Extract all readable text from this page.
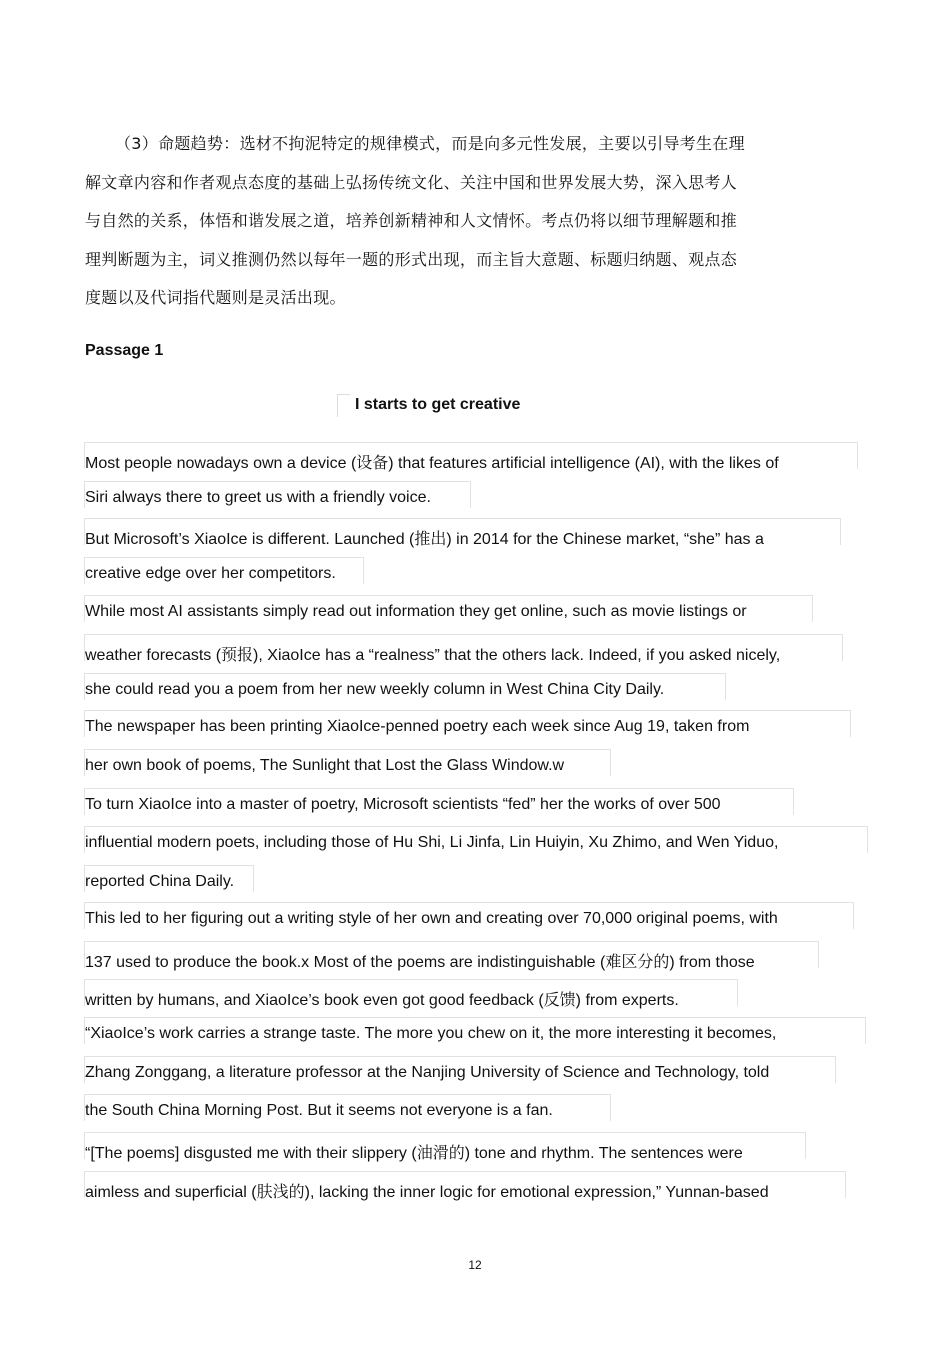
（3）命题趋势：选材不拘泥特定的规律模式，而是向多元性发展，主要以引导考生在理
解文章内容和作者观点态度的基础上弘扬传统文化、关注中国和世界发展大势，深入思考人
与自然的关系，体悟和谐发展之道，培养创新精神和人文情怀。考点仍将以细节理解题和推
理判断题为主，词义推测仍然以每年一题的形式出现，而主旨大意题、标题归纳题、观点态
度题以及代词指代题则是灵活出现。
Passage 1
I starts to get creative
Most people nowadays own a device (设备) that features artificial intelligence (AI), with the likes of
Siri always there to greet us with a friendly voice.
But Microsoft’s XiaoIce is different. Launched (推出) in 2014 for the Chinese market, “she” has a
creative edge over her competitors.
While most AI assistants simply read out information they get online, such as movie listings or
weather forecasts (预报), XiaoIce has a “realness” that the others lack. Indeed, if you asked nicely,
she could read you a poem from her new weekly column in West China City Daily.
The newspaper has been printing XiaoIce-penned poetry each week since Aug 19, taken from
her own book of poems, The Sunlight that Lost the Glass Window.w
To turn XiaoIce into a master of poetry, Microsoft scientists “fed” her the works of over 500
influential modern poets, including those of Hu Shi, Li Jinfa, Lin Huiyin, Xu Zhimo, and Wen Yiduo,
reported China Daily.
This led to her figuring out a writing style of her own and creating over 70,000 original poems, with
137 used to produce the book.x Most of the poems are indistinguishable (难区分的) from those
written by humans, and XiaoIce’s book even got good feedback (反馈) from experts.
“XiaoIce’s work carries a strange taste. The more you chew on it, the more interesting it becomes,
Zhang Zonggang, a literature professor at the Nanjing University of Science and Technology, told
the South China Morning Post. But it seems not everyone is a fan.
“[The poems] disgusted me with their slippery (油滑的) tone and rhythm. The sentences were
aimless and superficial (肤浅的), lacking the inner logic for emotional expression,” Yunnan-based
12
